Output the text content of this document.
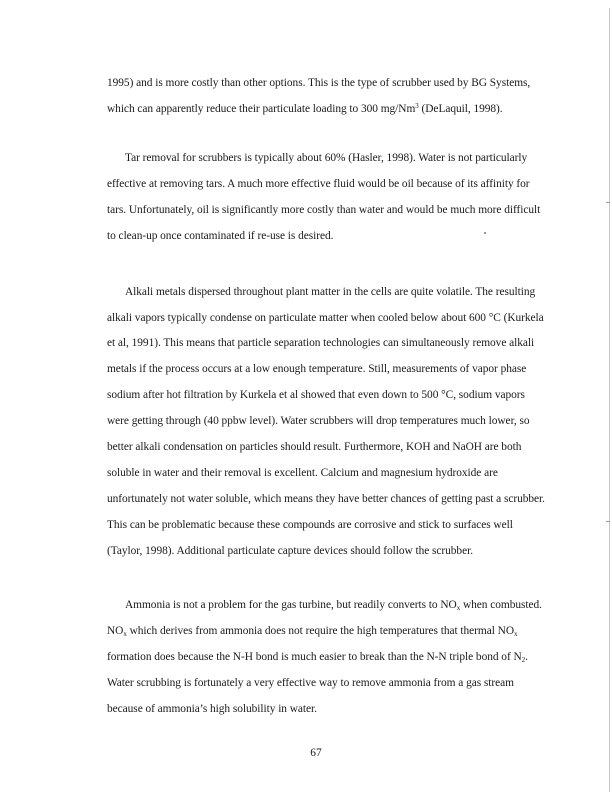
1995) and is more costly than other options. This is the type of scrubber used by BG Systems,
which can apparently reduce their particulate loading to 300 mg/Nm$^3$ (DeLaquil, 1998).
Tar removal for scrubbers is typically about 60% (Hasler, 1998). Water is not particularly
effective at removing tars. A much more effective fluid would be oil because of its affinity for
tars. Unfortunately, oil is significantly more costly than water and would be much more difficult
to clean-up once contaminated if re-use is desired.
Alkali metals dispersed throughout plant matter in the cells are quite volatile. The resulting
alkali vapors typically condense on particulate matter when cooled below about 600 °C (Kurkela
et al, 1991). This means that particle separation technologies can simultaneously remove alkali
metals if the process occurs at a low enough temperature. Still, measurements of vapor phase
sodium after hot filtration by Kurkela et al showed that even down to 500 °C, sodium vapors
were getting through (40 ppbw level). Water scrubbers will drop temperatures much lower, so
better alkali condensation on particles should result. Furthermore, KOH and NaOH are both
soluble in water and their removal is excellent. Calcium and magnesium hydroxide are
unfortunately not water soluble, which means they have better chances of getting past a scrubber.
This can be problematic because these compounds are corrosive and stick to surfaces well
(Taylor, 1998). Additional particulate capture devices should follow the scrubber.
Ammonia is not a problem for the gas turbine, but readily converts to $NO_x$ when combusted.
$NO_x$ which derives from ammonia does not require the high temperatures that thermal $NO_x$
formation does because the N-H bond is much easier to break than the N-N triple bond of $N_2$.
Water scrubbing is fortunately a very effective way to remove ammonia from a gas stream
because of ammonia’s high solubility in water.
67
